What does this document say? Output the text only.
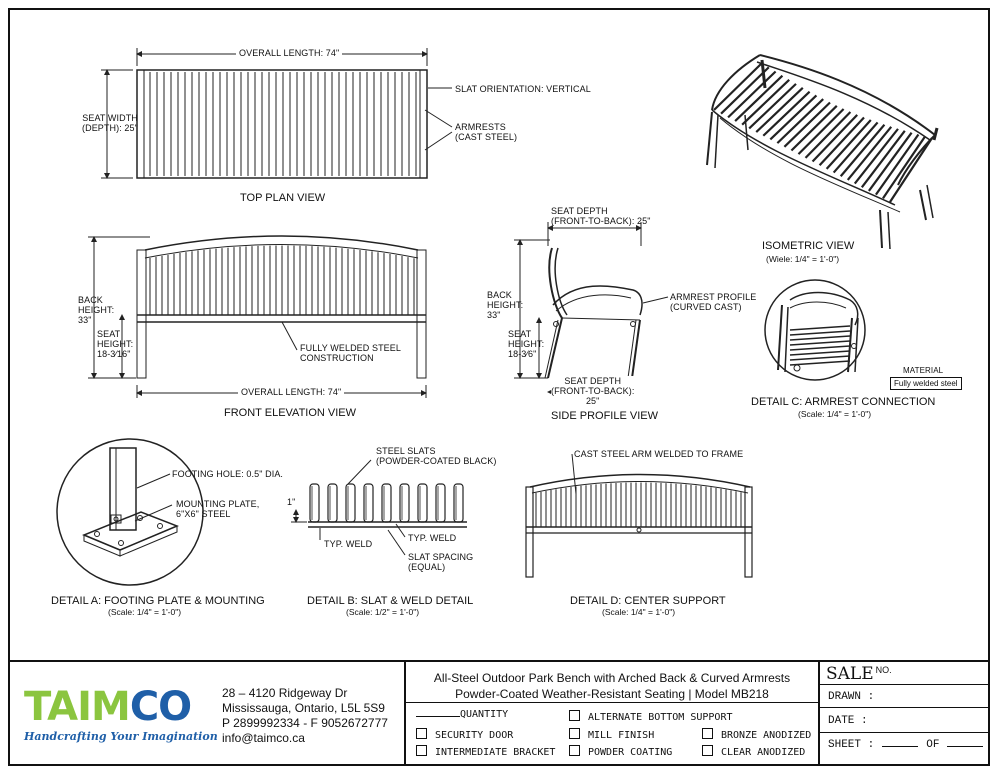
OVERALL LENGTH: 74"
SEAT WIDTH
(DEPTH): 25"
SLAT ORIENTATION: VERTICAL
ARMRESTS
(CAST STEEL)
TOP PLAN VIEW
BACK
HEIGHT:
33"
SEAT
HEIGHT:
18-3⁄16"
FULLY WELDED STEEL
CONSTRUCTION
OVERALL LENGTH: 74"
FRONT ELEVATION VIEW
SEAT DEPTH
(FRONT-TO-BACK): 25"
BACK
HEIGHT:
33"
SEAT
HEIGHT:
18-3⁄6"
ARMREST PROFILE
(CURVED CAST)
SEAT DEPTH
(FRONT-TO-BACK):
25"
SIDE PROFILE VIEW
ISOMETRIC VIEW
(Wiele: 1/4" = 1'-0")
MATERIAL
Fully welded steel
DETAIL C: ARMREST CONNECTION
(Scale: 1/4" = 1'-0")
FOOTING HOLE: 0.5" DIA.
MOUNTING PLATE,
6"X6" STEEL
DETAIL A: FOOTING PLATE & MOUNTING
(Scale: 1/4" = 1'-0")
STEEL SLATS
(POWDER-COATED BLACK)
1"
TYP. WELD
TYP. WELD
SLAT SPACING
(EQUAL)
DETAIL B: SLAT & WELD DETAIL
(Scale: 1/2" = 1'-0")
CAST STEEL ARM WELDED TO FRAME
DETAIL D: CENTER SUPPORT
(Scale: 1/4" = 1'-0")
TAIMCO
Handcrafting Your Imagination
28 – 4120 Ridgeway Dr
Mississauga, Ontario, L5L 5S9
P 2899992334 - F 9052672777
info@taimco.ca
All-Steel Outdoor Park Bench with Arched Back & Curved Armrests
Powder-Coated Weather-Resistant Seating | Model MB218
QUANTITY
SECURITY DOOR
INTERMEDIATE BRACKET
ALTERNATE BOTTOM SUPPORT
MILL FINISH
POWDER COATING
BRONZE ANODIZED
CLEAR ANODIZED
SALE $^{NO.}$
DRAWN :
DATE :
SHEET :	OF
